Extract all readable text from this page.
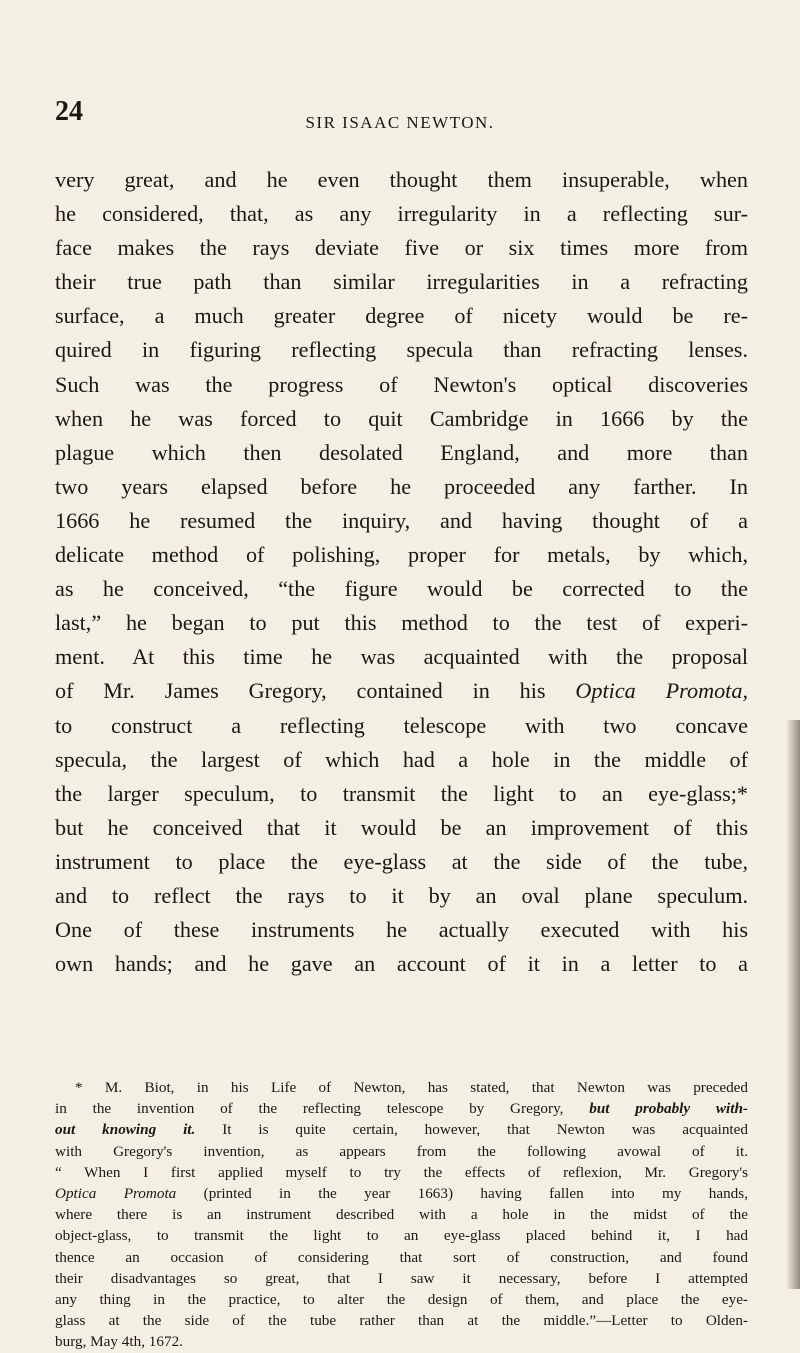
24	SIR ISAAC NEWTON.
very great, and he even thought them insuperable, when
he considered, that, as any irregularity in a reflecting sur-
face makes the rays deviate five or six times more from
their true path than similar irregularities in a refracting
surface, a much greater degree of nicety would be re-
quired in figuring reflecting specula than refracting lenses.
Such was the progress of Newton's optical discoveries
when he was forced to quit Cambridge in 1666 by the
plague which then desolated England, and more than
two years elapsed before he proceeded any farther. In
1666 he resumed the inquiry, and having thought of a
delicate method of polishing, proper for metals, by which,
as he conceived, “the figure would be corrected to the
last,” he began to put this method to the test of experi-
ment. At this time he was acquainted with the proposal
of Mr. James Gregory, contained in his Optica Promota,
to construct a reflecting telescope with two concave
specula, the largest of which had a hole in the middle of
the larger speculum, to transmit the light to an eye-glass;*
but he conceived that it would be an improvement of this
instrument to place the eye-glass at the side of the tube,
and to reflect the rays to it by an oval plane speculum.
One of these instruments he actually executed with his
own hands; and he gave an account of it in a letter to a
* M. Biot, in his Life of Newton, has stated, that Newton was preceded
in the invention of the reflecting telescope by Gregory, but probably with-
out knowing it. It is quite certain, however, that Newton was acquainted
with Gregory's invention, as appears from the following avowal of it.
“ When I first applied myself to try the effects of reflexion, Mr. Gregory's
Optica Promota (printed in the year 1663) having fallen into my hands,
where there is an instrument described with a hole in the midst of the
object-glass, to transmit the light to an eye-glass placed behind it, I had
thence an occasion of considering that sort of construction, and found
their disadvantages so great, that I saw it necessary, before I attempted
any thing in the practice, to alter the design of them, and place the eye-
glass at the side of the tube rather than at the middle.”—Letter to Olden-
burg, May 4th, 1672.
